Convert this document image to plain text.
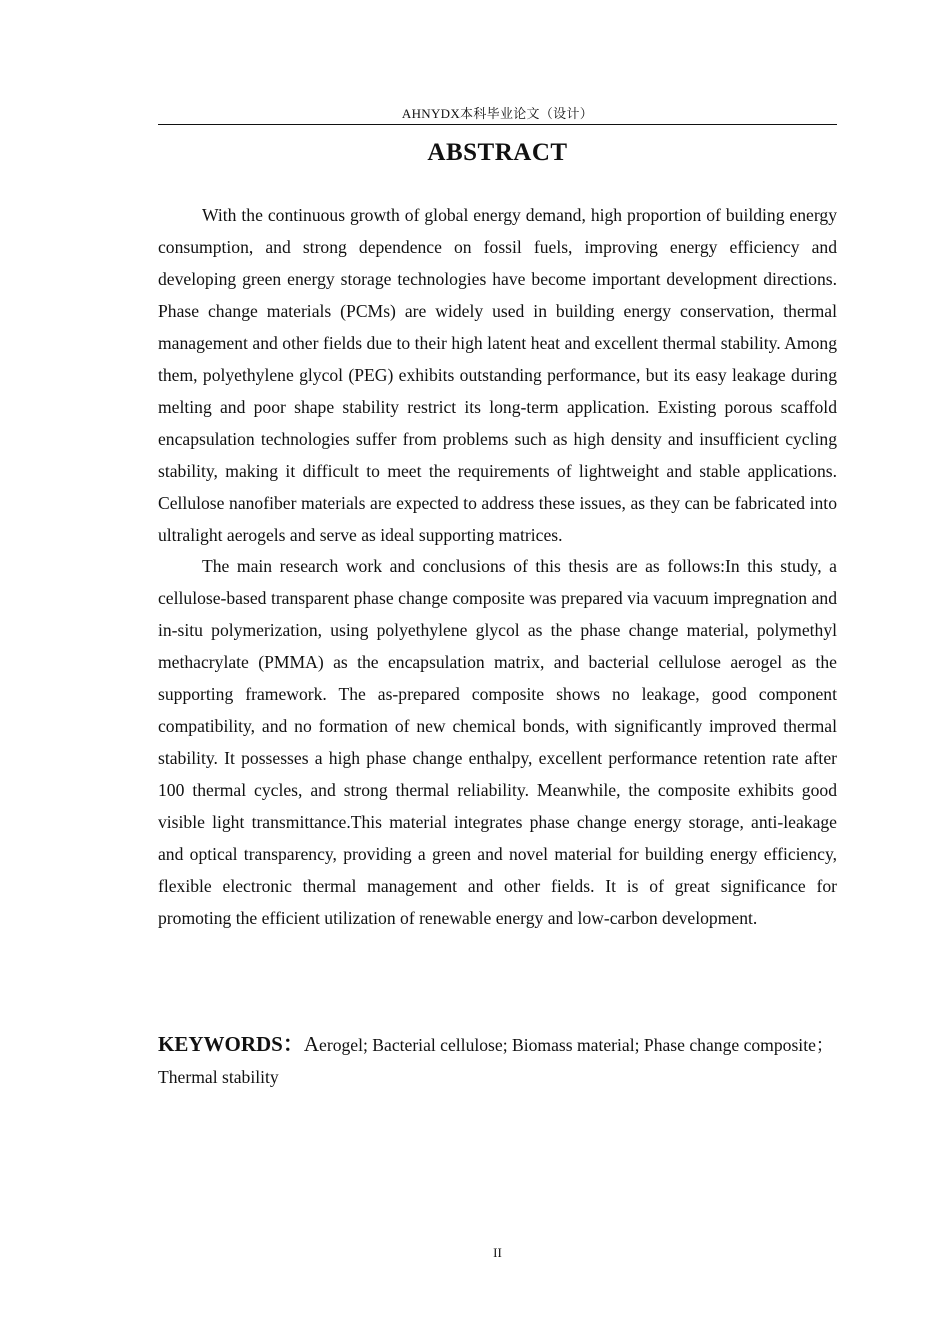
AHNYDX本科毕业论文（设计）
ABSTRACT

With the continuous growth of global energy demand, high proportion of building energy consumption, and strong dependence on fossil fuels, improving energy efficiency and developing green energy storage technologies have become important development directions. Phase change materials (PCMs) are widely used in building energy conservation, thermal management and other fields due to their high latent heat and excellent thermal stability. Among them, polyethylene glycol (PEG) exhibits outstanding performance, but its easy leakage during melting and poor shape stability restrict its long-term application. Existing porous scaffold encapsulation technologies suffer from problems such as high density and insufficient cycling stability, making it difficult to meet the requirements of lightweight and stable applications. Cellulose nanofiber materials are expected to address these issues, as they can be fabricated into ultralight aerogels and serve as ideal supporting matrices.

The main research work and conclusions of this thesis are as follows:In this study, a cellulose-based transparent phase change composite was prepared via vacuum impregnation and in-situ polymerization, using polyethylene glycol as the phase change material, polymethyl methacrylate (PMMA) as the encapsulation matrix, and bacterial cellulose aerogel as the supporting framework. The as-prepared composite shows no leakage, good component compatibility, and no formation of new chemical bonds, with significantly improved thermal stability. It possesses a high phase change enthalpy, excellent performance retention rate after 100 thermal cycles, and strong thermal reliability. Meanwhile, the composite exhibits good visible light transmittance.This material integrates phase change energy storage, anti-leakage and optical transparency, providing a green and novel material for building energy efficiency, flexible electronic thermal management and other fields. It is of great significance for promoting the efficient utilization of renewable energy and low-carbon development.

KEYWORDS：Aerogel; Bacterial cellulose; Biomass material; Phase change composite；Thermal stability

II
